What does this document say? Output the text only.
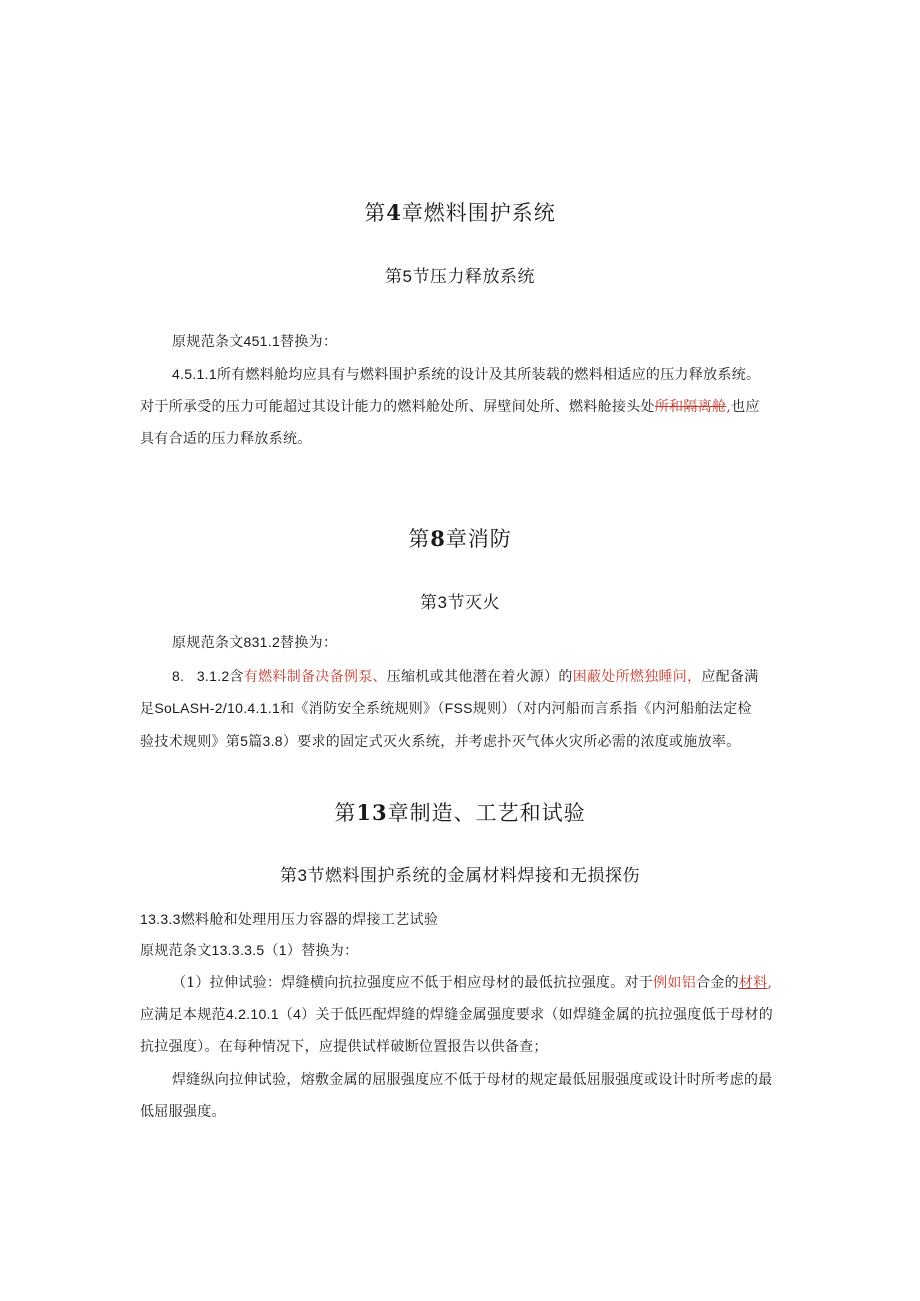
第4章燃料围护系统
第5节压力释放系统

原规范条文451.1替换为：

4.5.1.1所有燃料舱均应具有与燃料围护系统的设计及其所装载的燃料相适应的压力释放系统。

对于所承受的压力可能超过其设计能力的燃料舱处所、屏壁间处所、燃料舱接头处所和隔离舱,也应

具有合适的压力释放系统。

第8章消防
第3节灭火

原规范条文831.2替换为：

8.   3.1.2含有燃料制备决备例泵、压缩机或其他潜在着火源）的困蔽处所燃独睡问，应配备满

足SoLASH-2/10.4.1.1和《消防安全系统规则》（FSS规则）（对内河船而言系指《内河船舶法定检

验技术规则》第5篇3.8）要求的固定式灭火系统，并考虑扑灭气体火灾所必需的浓度或施放率。

第13章制造、工艺和试验
第3节燃料围护系统的金属材料焊接和无损探伤

13.3.3燃料舱和处理用压力容器的焊接工艺试验

原规范条文13.3.3.5（1）替换为：

（1）拉伸试验：焊缝横向抗拉强度应不低于相应母材的最低抗拉强度。对于例如铝合金的材料,

应满足本规范4.2.10.1（4）关于低匹配焊缝的焊缝金属强度要求（如焊缝金属的抗拉强度低于母材的

抗拉强度）。在每种情况下，应提供试样破断位置报告以供备查；

焊缝纵向拉伸试验，熔敷金属的屈服强度应不低于母材的规定最低屈服强度或设计时所考虑的最

低屈服强度。
